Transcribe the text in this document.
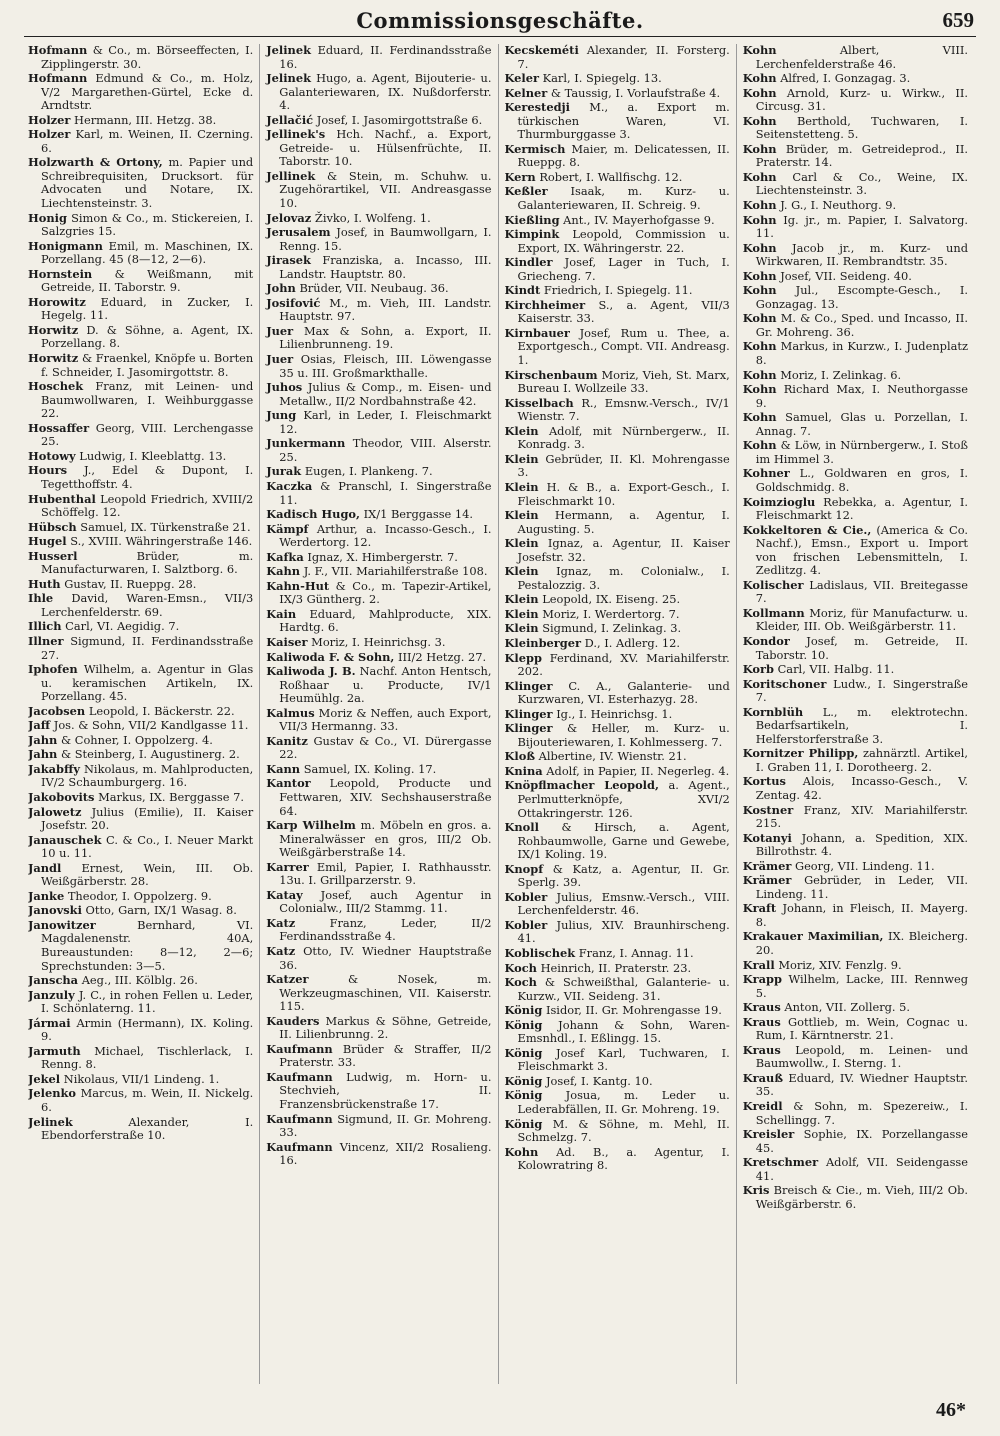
Commissionsgeschäfte.	659

Hofmann & Co., m. Börseeffecten, I. Zipplingerstr. 30.

Hofmann Edmund & Co., m. Holz, V/2 Margarethen-Gürtel, Ecke d. Arndtstr.

Holzer Hermann, III. Hetzg. 38.

Holzer Karl, m. Weinen, II. Czerning. 6.

Holzwarth & Ortony, m. Papier und Schreibrequisiten, Drucksort. für Advocaten und Notare, IX. Liechtensteinstr. 3.

Honig Simon & Co., m. Stickereien, I. Salzgries 15.

Honigmann Emil, m. Maschinen, IX. Porzellang. 45 (8—12, 2—6).

Hornstein & Weißmann, mit Getreide, II. Taborstr. 9.

Horowitz Eduard, in Zucker, I. Hegelg. 11.

Horwitz D. & Söhne, a. Agent, IX. Porzellang. 8.

Horwitz & Fraenkel, Knöpfe u. Borten f. Schneider, I. Jasomirgottstr. 8.

Hoschek Franz, mit Leinen- und Baumwollwaren, I. Weihburggasse 22.

Hossaffer Georg, VIII. Lerchengasse 25.

Hotowy Ludwig, I. Kleeblattg. 13.

Hours J., Edel & Dupont, I. Tegetthoffstr. 4.

Hubenthal Leopold Friedrich, XVIII/2 Schöffelg. 12.

Hübsch Samuel, IX. Türkenstraße 21.

Hugel S., XVIII. Währingerstraße 146.

Husserl	Brüder, m. Manufacturwaren, I. Salztborg. 6.

Huth Gustav, II. Rueppg. 28.

Ihle David, Waren-Emsn., VII/3 Lerchenfelderstr. 69.

Illich Carl, VI. Aegidig. 7.

Illner Sigmund, II. Ferdinandsstraße 27.

Iphofen Wilhelm, a. Agentur in Glas u. keramischen Artikeln, IX. Porzellang. 45.

Jacobsen Leopold, I. Bäckerstr. 22.

Jaff Jos. & Sohn, VII/2 Kandlgasse 11.

Jahn & Cohner, I. Oppolzerg. 4.

Jahn & Steinberg, I. Augustinerg. 2.

Jakabffy Nikolaus, m. Mahlproducten, IV/2 Schaumburgerg. 16.

Jakobovits Markus, IX. Berggasse 7.

Jalowetz Julius (Emilie), II. Kaiser Josefstr. 20.

Janauschek C. & Co., I. Neuer Markt 10 u. 11.

Jandl Ernest, Wein, III. Ob. Weißgärberstr. 28.

Janke Theodor, I. Oppolzerg. 9.

Janovski Otto, Garn, IX/1 Wasag. 8.

Janowitzer	Bernhard, VI. Magdalenenstr. 40A, Bureaustunden: 8—12, 2—6; Sprechstunden: 3—5.

Janscha Aeg., III. Kölblg. 26.

Janzuly J. C., in rohen Fellen u. Leder, I. Schönlaterng. 11.

Jármai Armin (Hermann), IX. Koling. 9.

Jarmuth Michael, Tischlerlack, I. Renng. 8.

Jekel Nikolaus, VII/1 Lindeng. 1.

Jelenko Marcus, m. Wein, II. Nickelg. 6.

Jelinek	Alexander, I. Ebendorferstraße 10.

Jelinek Eduard, II. Ferdinandsstraße 16.

Jelinek Hugo, a. Agent, Bijouterie- u. Galanteriewaren, IX. Nußdorferstr. 4.

Jellačić Josef, I. Jasomirgottstraße 6.

Jellinek's Hch. Nachf., a. Export, Getreide- u. Hülsenfrüchte, II. Taborstr. 10.

Jellinek & Stein, m. Schuhw. u. Zugehörartikel, VII. Andreasgasse 10.

Jelovaz Živko, I. Wolfeng. 1.

Jerusalem Josef, in Baumwollgarn, I. Renng. 15.

Jirasek Franziska, a. Incasso, III. Landstr. Hauptstr. 80.

John Brüder, VII. Neubaug. 36.

Josifović M., m. Vieh, III. Landstr. Hauptstr. 97.

Juer Max & Sohn, a. Export, II. Lilienbrunneng. 19.

Juer Osias, Fleisch, III. Löwengasse 35 u. III. Großmarkthalle.

Juhos Julius & Comp., m. Eisen- und Metallw., II/2 Nordbahnstraße 42.

Jung Karl, in Leder, I. Fleischmarkt 12.

Junkermann Theodor, VIII. Alserstr. 25.

Jurak Eugen, I. Plankeng. 7.

Kaczka & Pranschl, I. Singerstraße 11.

Kadisch Hugo, IX/1 Berggasse 14.

Kämpf Arthur, a. Incasso-Gesch., I. Werdertorg. 12.

Kafka Ignaz, X. Himbergerstr. 7.

Kahn J. F., VII. Mariahilferstraße 108.

Kahn-Hut & Co., m. Tapezir-Artikel, IX/3 Güntherg. 2.

Kain Eduard, Mahlproducte, XIX. Hardtg. 6.

Kaiser Moriz, I. Heinrichsg. 3.

Kaliwoda F. & Sohn, III/2 Hetzg. 27.

Kaliwoda J. B. Nachf. Anton Hentsch, Roßhaar u. Producte, IV/1 Heumühlg. 2a.

Kalmus Moriz & Neffen, auch Export, VII/3 Hermanng. 33.

Kanitz Gustav & Co., VI. Dürergasse 22.

Kann Samuel, IX. Koling. 17.

Kantor Leopold, Producte und Fettwaren, XIV. Sechshauserstraße 64.

Karp Wilhelm m. Möbeln en gros. a. Mineralwässer en gros, III/2 Ob. Weißgärberstraße 14.

Karrer Emil, Papier, I. Rathhausstr. 13u. I. Grillparzerstr. 9.

Katay Josef, auch Agentur in Colonialw., III/2 Stammg. 11.

Katz	Franz, Leder, II/2 Ferdinandsstraße 4.

Katz Otto, IV. Wiedner Hauptstraße 36.

Katzer	& Nosek, m. Werkzeugmaschinen, VII. Kaiserstr. 115.

Kauders Markus & Söhne, Getreide, II. Lilienbrunng. 2.

Kaufmann Brüder & Straffer, II/2 Praterstr. 33.

Kaufmann Ludwig, m. Horn- u. Stechvieh, II. Franzensbrückenstraße 17.

Kaufmann Sigmund, II. Gr. Mohreng. 33.

Kaufmann Vincenz, XII/2 Rosalieng. 16.

Kecskeméti Alexander, II. Forsterg. 7.

Keler Karl, I. Spiegelg. 13.

Kelner & Taussig, I. Vorlaufstraße 4.

Kerestedji M., a. Export m. türkischen Waren, VI. Thurmburggasse 3.

Kermisch Maier, m. Delicatessen, II. Rueppg. 8.

Kern Robert, I. Wallfischg. 12.

Keßler Isaak, m. Kurz- u. Galanteriewaren, II. Schreig. 9.

Kießling Ant., IV. Mayerhofgasse 9.

Kimpink Leopold, Commission u. Export, IX. Währingerstr. 22.

Kindler Josef, Lager in Tuch, I. Griecheng. 7.

Kindt Friedrich, I. Spiegelg. 11.

Kirchheimer S., a. Agent, VII/3 Kaiserstr. 33.

Kirnbauer Josef, Rum u. Thee, a. Exportgesch., Compt. VII. Andreasg. 1.

Kirschenbaum Moriz, Vieh, St. Marx, Bureau I. Wollzeile 33.

Kisselbach R., Emsnw.-Versch., IV/1 Wienstr. 7.

Klein Adolf, mit Nürnbergerw., II. Konradg. 3.

Klein Gebrüder, II. Kl. Mohrengasse 3.

Klein H. & B., a. Export-Gesch., I. Fleischmarkt 10.

Klein Hermann, a. Agentur, I. Augusting. 5.

Klein Ignaz, a. Agentur, II. Kaiser Josefstr. 32.

Klein Ignaz, m. Colonialw., I. Pestalozzig. 3.

Klein Leopold, IX. Eiseng. 25.

Klein Moriz, I. Werdertorg. 7.

Klein Sigmund, I. Zelinkag. 3.

Kleinberger D., I. Adlerg. 12.

Klepp Ferdinand, XV. Mariahilferstr. 202.

Klinger C. A., Galanterie- und Kurzwaren, VI. Esterhazyg. 28.

Klinger Ig., I. Heinrichsg. 1.

Klinger & Heller, m. Kurz- u. Bijouteriewaren, I. Kohlmesserg. 7.

Kloß Albertine, IV. Wienstr. 21.

Knina Adolf, in Papier, II. Negerleg. 4.

Knöpflmacher Leopold, a. Agent., Perlmutterknöpfe, XVI/2 Ottakringerstr. 126.

Knoll & Hirsch, a. Agent, Rohbaumwolle, Garne und Gewebe, IX/1 Koling. 19.

Knopf & Katz, a. Agentur, II. Gr. Sperlg. 39.

Kobler Julius, Emsnw.-Versch., VIII. Lerchenfelderstr. 46.

Kobler Julius, XIV. Braunhirscheng. 41.

Koblischek Franz, I. Annag. 11.

Koch Heinrich, II. Praterstr. 23.

Koch & Schweißthal, Galanterie- u. Kurzw., VII. Seideng. 31.

König Isidor, II. Gr. Mohrengasse 19.

König Johann & Sohn, Waren-Emsnhdl., I. Eßlingg. 15.

König Josef Karl, Tuchwaren, I. Fleischmarkt 3.

König Josef, I. Kantg. 10.

König Josua, m. Leder u. Lederabfällen, II. Gr. Mohreng. 19.

König M. & Söhne, m. Mehl, II. Schmelzg. 7.

Kohn Ad. B., a. Agentur, I. Kolowratring 8.

Kohn	Albert, VIII. Lerchenfelderstraße 46.

Kohn Alfred, I. Gonzagag. 3.

Kohn Arnold, Kurz- u. Wirkw., II. Circusg. 31.

Kohn Berthold, Tuchwaren, I. Seitenstetteng. 5.

Kohn Brüder, m. Getreideprod., II. Praterstr. 14.

Kohn Carl & Co., Weine, IX. Liechtensteinstr. 3.

Kohn J. G., I. Neuthorg. 9.

Kohn Ig. jr., m. Papier, I. Salvatorg. 11.

Kohn Jacob jr., m. Kurz- und Wirkwaren, II. Rembrandtstr. 35.

Kohn Josef, VII. Seideng. 40.

Kohn Jul., Escompte-Gesch., I. Gonzagag. 13.

Kohn M. & Co., Sped. und Incasso, II. Gr. Mohreng. 36.

Kohn Markus, in Kurzw., I. Judenplatz 8.

Kohn Moriz, I. Zelinkag. 6.

Kohn Richard Max, I. Neuthorgasse 9.

Kohn Samuel, Glas u. Porzellan, I. Annag. 7.

Kohn & Löw, in Nürnbergerw., I. Stoß im Himmel 3.

Kohner L., Goldwaren en gros, I. Goldschmidg. 8.

Koimzioglu Rebekka, a. Agentur, I. Fleischmarkt 12.

Kokkeltoren & Cie., (America & Co. Nachf.), Emsn., Export u. Import von frischen Lebensmitteln, I. Zedlitzg. 4.

Kolischer Ladislaus, VII. Breitegasse 7.

Kollmann Moriz, für Manufacturw. u. Kleider, III. Ob. Weißgärberstr. 11.

Kondor Josef, m. Getreide, II. Taborstr. 10.

Korb Carl, VII. Halbg. 11.

Koritschoner Ludw., I. Singerstraße 7.

Kornblüh L., m. elektrotechn. Bedarfsartikeln, I. Helferstorferstraße 3.

Kornitzer Philipp, zahnärztl. Artikel, I. Graben 11, I. Dorotheerg. 2.

Kortus Alois, Incasso-Gesch., V. Zentag. 42.

Kostner Franz, XIV. Mariahilferstr. 215.

Kotanyi Johann, a. Spedition, XIX. Billrothstr. 4.

Krämer Georg, VII. Lindeng. 11.

Krämer Gebrüder, in Leder, VII. Lindeng. 11.

Kraft Johann, in Fleisch, II. Mayerg. 8.

Krakauer Maximilian, IX. Bleicherg. 20.

Krall Moriz, XIV. Fenzlg. 9.

Krapp Wilhelm, Lacke, III. Rennweg 5.

Kraus Anton, VII. Zollerg. 5.

Kraus Gottlieb, m. Wein, Cognac u. Rum, I. Kärntnerstr. 21.

Kraus Leopold, m. Leinen- und Baumwollw., I. Sterng. 1.

Krauß Eduard, IV. Wiedner Hauptstr. 35.

Kreidl & Sohn, m. Spezereiw., I. Schellingg. 7.

Kreisler Sophie, IX. Porzellangasse 45.

Kretschmer Adolf, VII. Seidengasse 41.

Kris Breisch & Cie., m. Vieh, III/2 Ob. Weißgärberstr. 6.

46*
